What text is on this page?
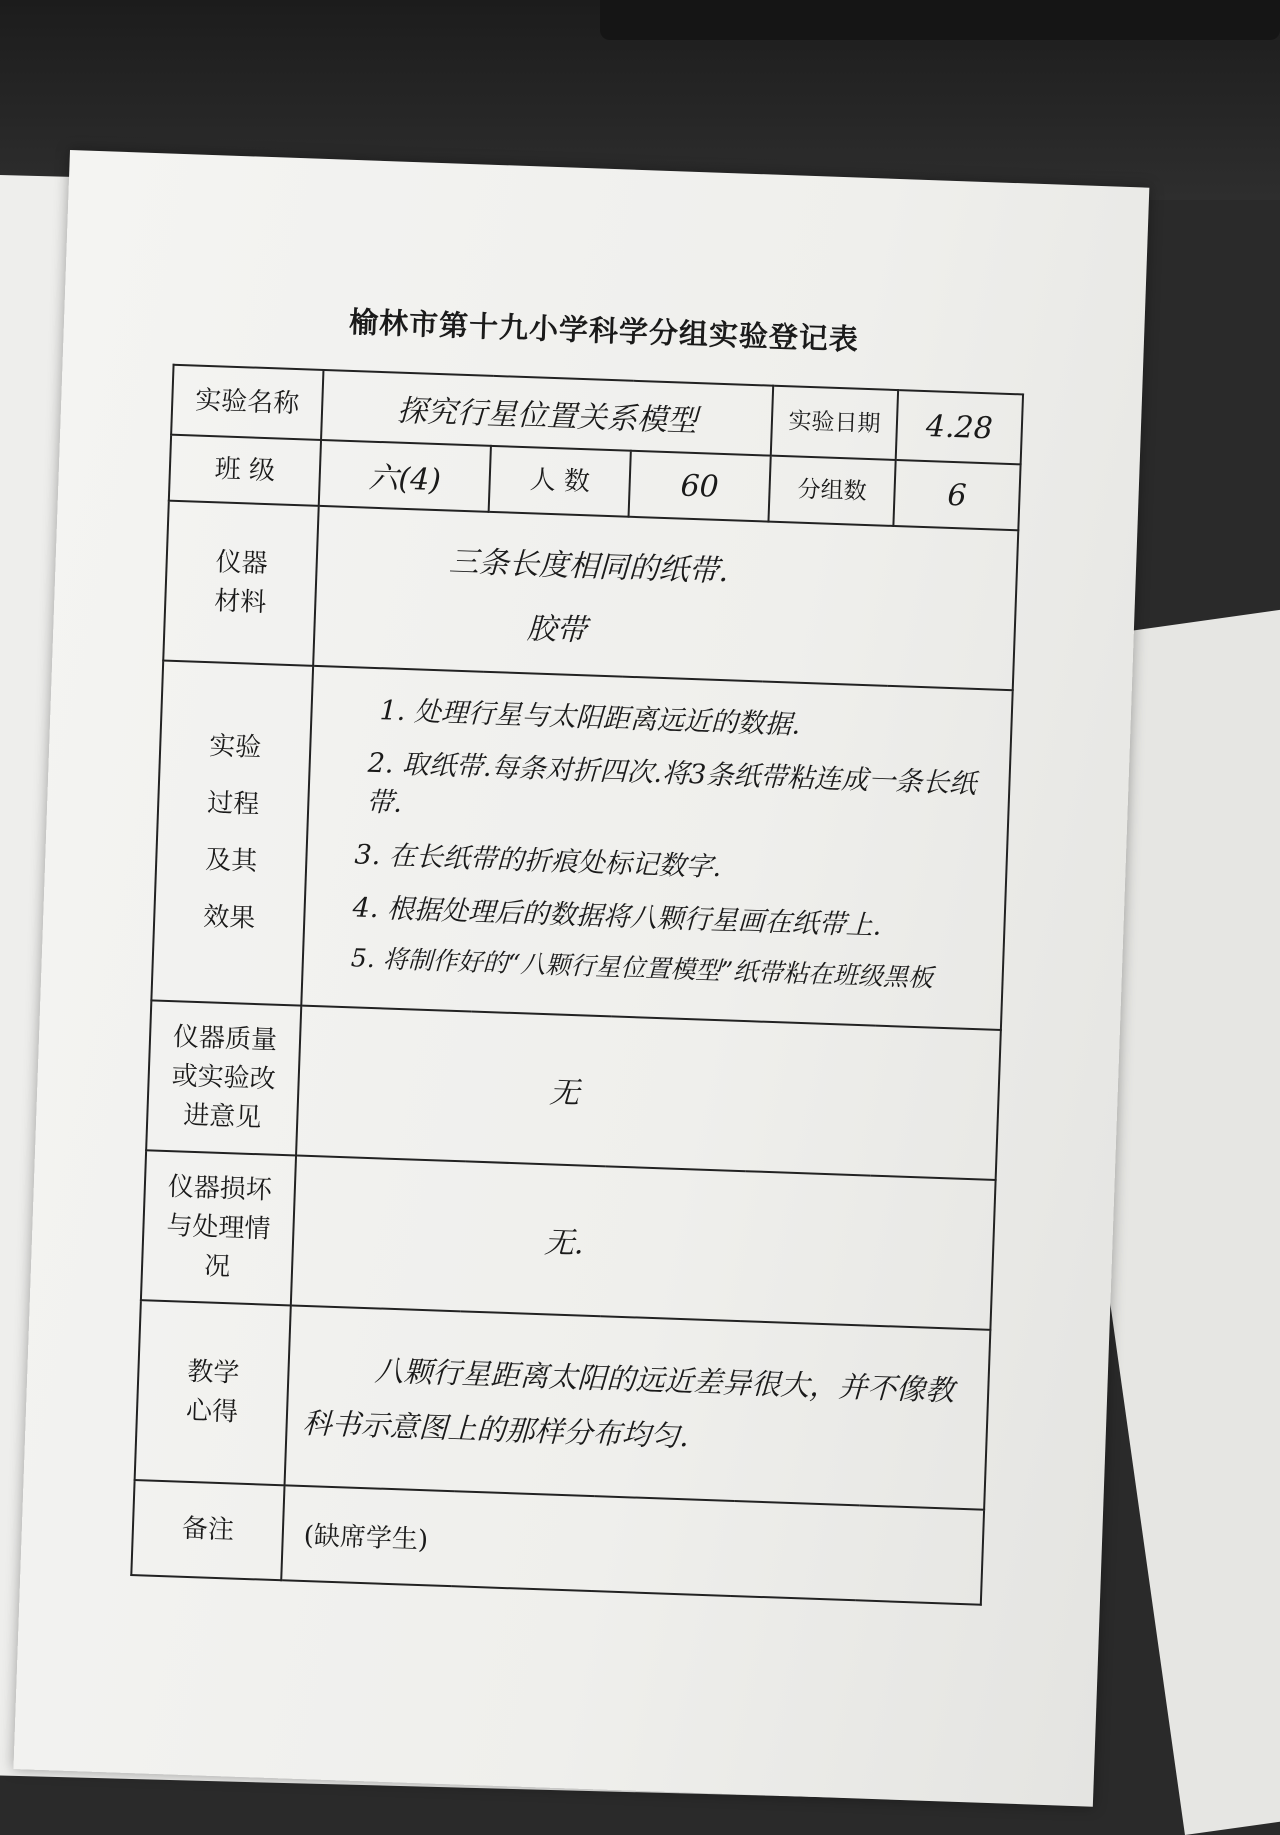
榆林市第十九小学科学分组实验登记表
实验名称	探究行星位置关系模型			实验日期	4.28
班 级	六(4)	人 数	60	分组数	6
仪器材料	三条长度相同的纸带.
胶带				

实验过程及其效果	1. 处理行星与太阳距离远近的数据.

2. 取纸带.每条对折四次.将3条纸带粘连成一条长纸带.

3. 在长纸带的折痕处标记数字.

4. 根据处理后的数据将八颗行星画在纸带上.

5. 将制作好的“八颗行星位置模型”纸带粘在班级黑板				

仪器质量或实验改进意见	无				
仪器损坏与处理情况	无.				
教学心得	八颗行星距离太阳的远近差异很大，并不像教科书示意图上的那样分布均匀.				
备注	(缺席学生)				
